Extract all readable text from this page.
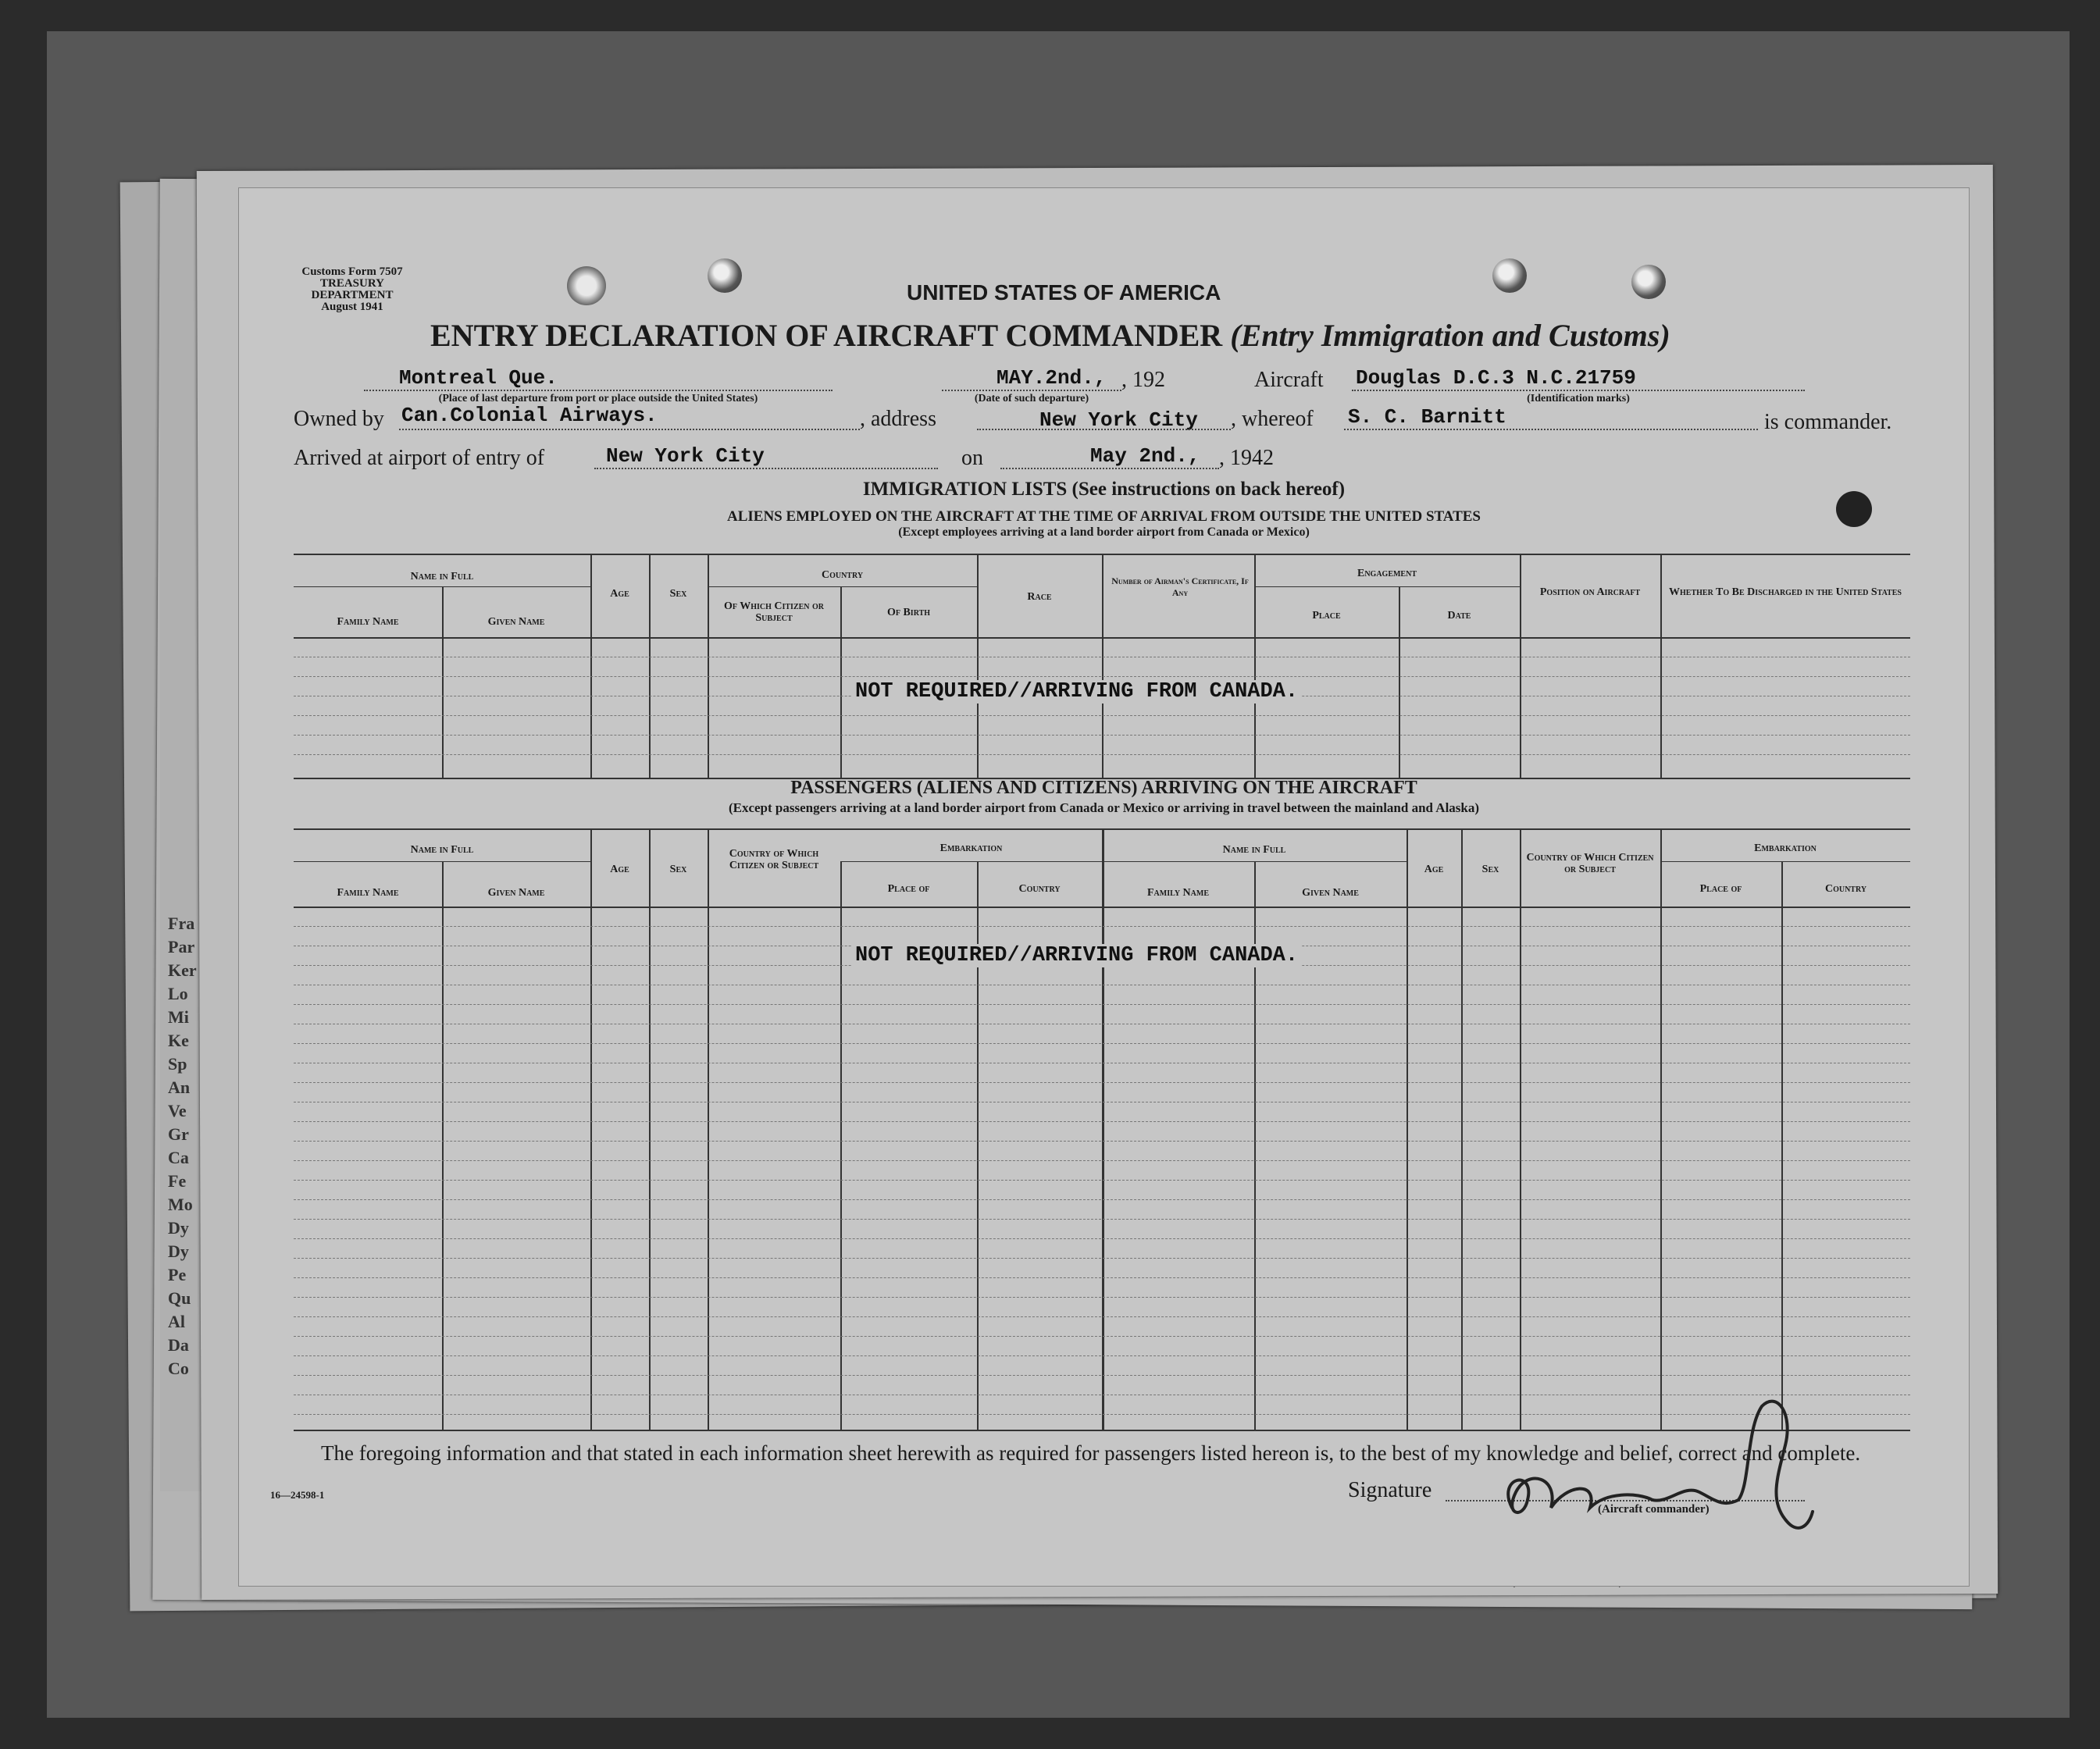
Fra
Par
Ker
Lo
Mi
Ke
Sp
An
Ve
Gr
Ca
Fe
Mo
Dy
Dy
Pe
Qu
Al
Da
Co
Customs Form 7507
TREASURY DEPARTMENT
August 1941
UNITED STATES OF AMERICA
ENTRY DECLARATION OF AIRCRAFT COMMANDER (Entry Immigration and Customs)
Montreal Que.
(Place of last departure from port or place outside the United States)
MAY.2nd.,
(Date of such departure)
, 192	Aircraft Douglas D.C.3 N.C.21759
(Identification marks)
Owned by Can.Colonial Airways.	, address	New York City , whereof S. C. Barnitt	is commander.
Arrived at airport of entry of	New York City	on	May 2nd., , 1942
IMMIGRATION LISTS (See instructions on back hereof)
ALIENS EMPLOYED ON THE AIRCRAFT AT THE TIME OF ARRIVAL FROM OUTSIDE THE UNITED STATES
(Except employees arriving at a land border airport from Canada or Mexico)
Name in Full
Family Name	Given Name
Age	Sex
Country
Of Which Citizen or Subject	Of Birth
Race
Number of Airman's Certificate, If Any
Engagement
Place	Date
Position on Aircraft	Whether To Be Discharged in the United States
NOT REQUIRED//ARRIVING FROM CANADA.
PASSENGERS (ALIENS AND CITIZENS) ARRIVING ON THE AIRCRAFT
(Except passengers arriving at a land border airport from Canada or Mexico or arriving in travel between the mainland and Alaska)
Name in Full
Family Name	Given Name
Age	Sex
Country of Which Citizen or Subject
Embarkation
Place of	Country
Name in Full
Family Name	Given Name
Age	Sex
Country of Which Citizen or Subject
Embarkation
Place of	Country
NOT REQUIRED//ARRIVING FROM CANADA.
The foregoing information and that stated in each information sheet herewith as required for passengers listed hereon is, to the best of my knowledge and belief, correct and complete.
16—24598-1	Signature
(Aircraft commander)
